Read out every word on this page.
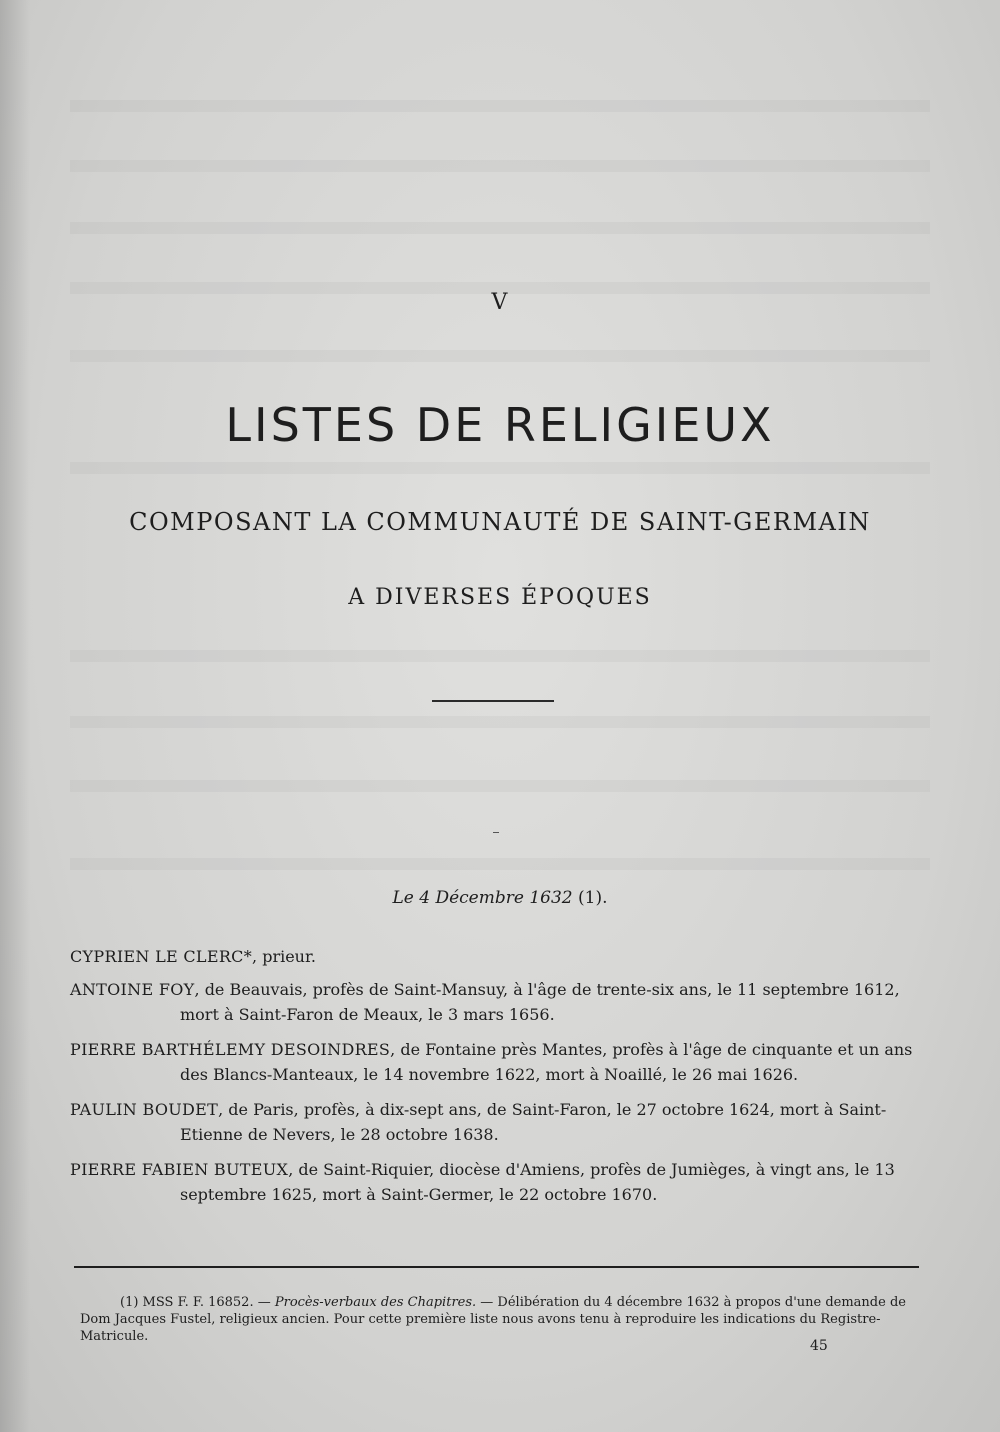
V
LISTES DE RELIGIEUX
COMPOSANT LA COMMUNAUTÉ DE SAINT-GERMAIN
A DIVERSES ÉPOQUES
Le 4 Décembre 1632 (1).
CYPRIEN LE CLERC*, prieur.
ANTOINE FOY, de Beauvais, profès de Saint-Mansuy, à l'âge de trente-six ans, le 11 septembre 1612, mort à Saint-Faron de Meaux, le 3 mars 1656.
PIERRE BARTHÉLEMY DESOINDRES, de Fontaine près Mantes, profès à l'âge de cinquante et un ans des Blancs-Manteaux, le 14 novembre 1622, mort à Noaillé, le 26 mai 1626.
PAULIN BOUDET, de Paris, profès, à dix-sept ans, de Saint-Faron, le 27 octobre 1624, mort à Saint-Etienne de Nevers, le 28 octobre 1638.
PIERRE FABIEN BUTEUX, de Saint-Riquier, diocèse d'Amiens, profès de Jumièges, à vingt ans, le 13 septembre 1625, mort à Saint-Germer, le 22 octobre 1670.
(1) MSS F. F. 16852. — Procès-verbaux des Chapitres. — Délibération du 4 décembre 1632 à propos d'une demande de Dom Jacques Fustel, religieux ancien. Pour cette première liste nous avons tenu à reproduire les indications du Registre-Matricule.
45
